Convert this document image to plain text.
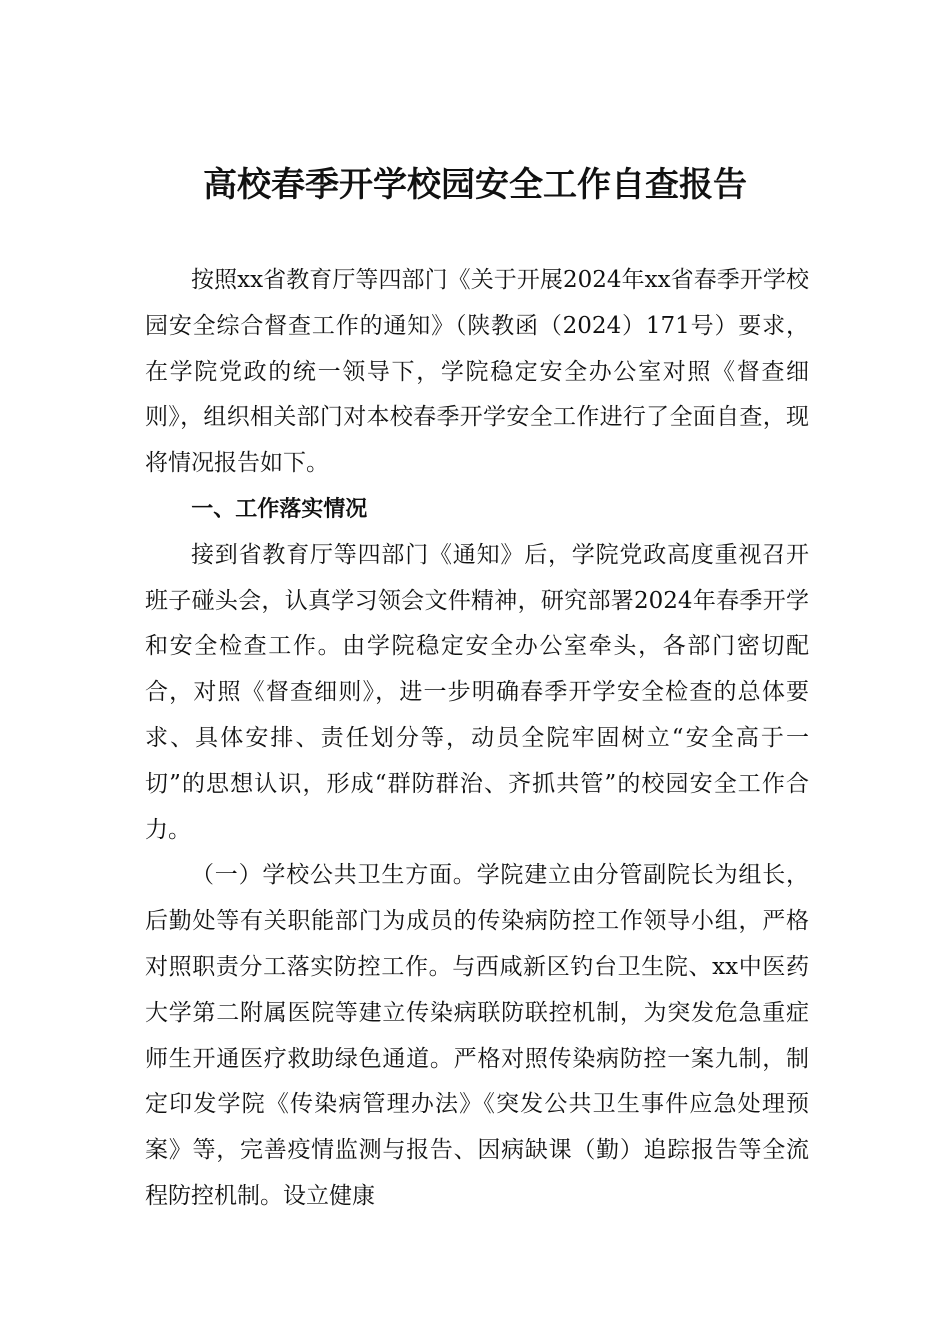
高校春季开学校园安全工作自查报告

按照xx省教育厅等四部门《关于开展2024年xx省春季开学校园安全综合督查工作的通知》（陕教函（2024）171号）要求，在学院党政的统一领导下，学院稳定安全办公室对照《督查细则》，组织相关部门对本校春季开学安全工作进行了全面自查，现将情况报告如下。

一、工作落实情况

接到省教育厅等四部门《通知》后，学院党政高度重视召开班子碰头会，认真学习领会文件精神，研究部署2024年春季开学和安全检查工作。由学院稳定安全办公室牵头，各部门密切配合，对照《督查细则》，进一步明确春季开学安全检查的总体要求、具体安排、责任划分等，动员全院牢固树立“安全高于一切”的思想认识，形成“群防群治、齐抓共管”的校园安全工作合力。

（一）学校公共卫生方面。学院建立由分管副院长为组长，后勤处等有关职能部门为成员的传染病防控工作领导小组，严格对照职责分工落实防控工作。与西咸新区钓台卫生院、xx中医药大学第二附属医院等建立传染病联防联控机制，为突发危急重症师生开通医疗救助绿色通道。严格对照传染病防控一案九制，制定印发学院《传染病管理办法》《突发公共卫生事件应急处理预案》等，完善疫情监测与报告、因病缺课（勤）追踪报告等全流程防控机制。设立健康
